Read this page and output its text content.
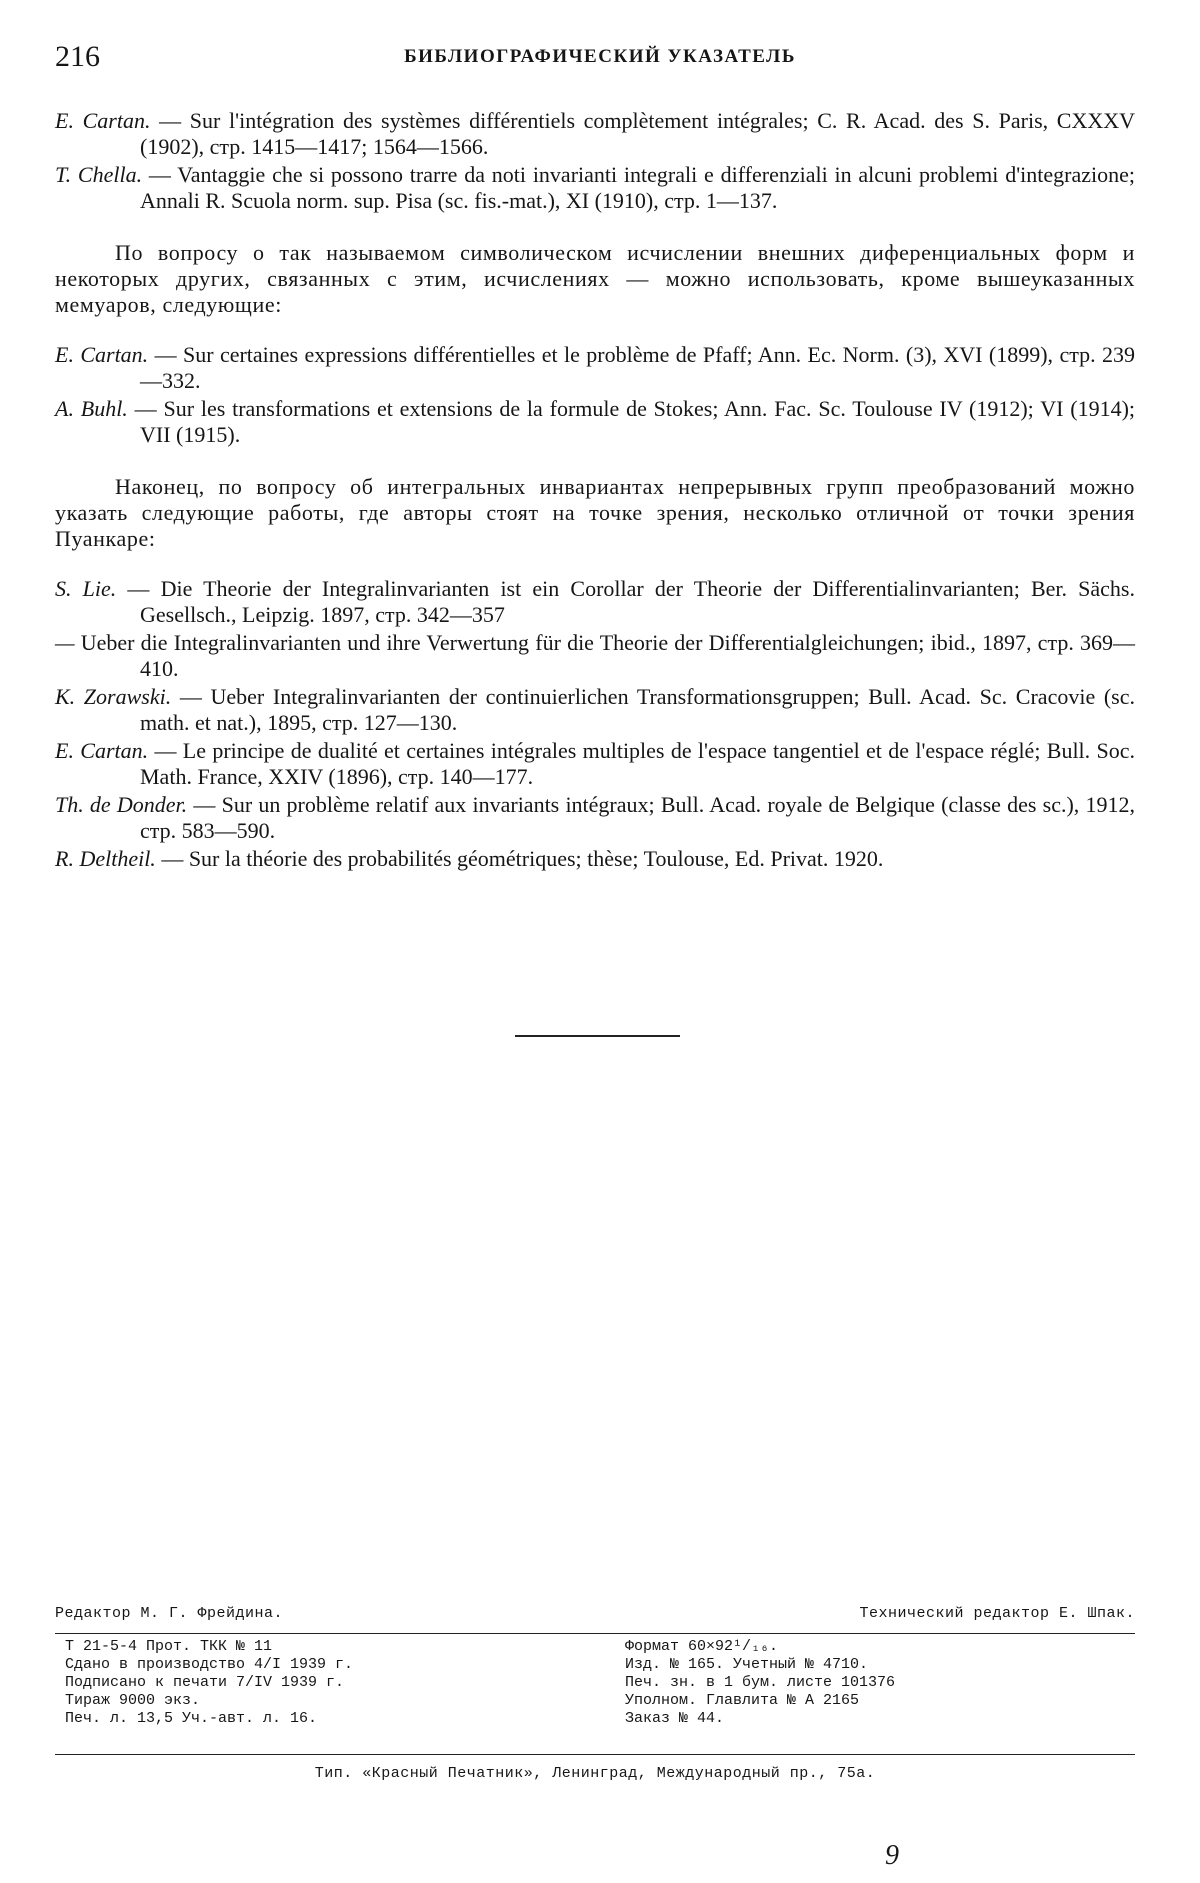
216	БИБЛИОГРАФИЧЕСКИЙ УКАЗАТЕЛЬ

E. Cartan. — Sur l'intégration des systèmes différentiels complètement intégrales; C. R. Acad. des S. Paris, CXXXV (1902), стр. 1415—1417; 1564—1566.

T. Chella. — Vantaggie che si possono trarre da noti invarianti integrali e differenziali in alcuni problemi d'integrazione; Annali R. Scuola norm. sup. Pisa (sc. fis.-mat.), XI (1910), стр. 1—137.

По вопросу о так называемом символическом исчислении внешних диференциальных форм и некоторых других, связанных с этим, исчислениях — можно использовать, кроме вышеуказанных мемуаров, следующие:

E. Cartan. — Sur certaines expressions différentielles et le problème de Pfaff; Ann. Ec. Norm. (3), XVI (1899), стр. 239—332.

A. Buhl. — Sur les transformations et extensions de la formule de Stokes; Ann. Fac. Sc. Toulouse IV (1912); VI (1914); VII (1915).

Наконец, по вопросу об интегральных инвариантах непрерывных групп преобразований можно указать следующие работы, где авторы стоят на точке зрения, несколько отличной от точки зрения Пуанкаре:

S. Lie. — Die Theorie der Integralinvarianten ist ein Corollar der Theorie der Differentialinvarianten; Ber. Sächs. Gesellsch., Leipzig. 1897, стр. 342—357

— Ueber die Integralinvarianten und ihre Verwertung für die Theorie der Differentialgleichungen; ibid., 1897, стр. 369—410.

K. Zorawski. — Ueber Integralinvarianten der continuierlichen Transformationsgruppen; Bull. Acad. Sc. Cracovie (sc. math. et nat.), 1895, стр. 127—130.

E. Cartan. — Le principe de dualité et certaines intégrales multiples de l'espace tangentiel et de l'espace réglé; Bull. Soc. Math. France, XXIV (1896), стр. 140—177.

Th. de Donder. — Sur un problème relatif aux invariants intégraux; Bull. Acad. royale de Belgique (classe des sc.), 1912, стр. 583—590.

R. Deltheil. — Sur la théorie des probabilités géométriques; thèse; Toulouse, Ed. Privat. 1920.

Редактор М. Г. Фрейдина.	Технический редактор Е. Шпак.
Т 21-5-4 Прот. ТКК № 11
Сдано в производство 4/I 1939 г.
Подписано к печати 7/IV 1939 г.
Тираж 9000 экз.
Печ. л. 13,5 Уч.-авт. л. 16.
Формат 60×92¹/₁₆.
Изд. № 165. Учетный № 4710.
Печ. зн. в 1 бум. листе 101376
Уполном. Главлита № А 2165
Заказ № 44.
Тип. «Красный Печатник», Ленинград, Международный пр., 75а.
9
